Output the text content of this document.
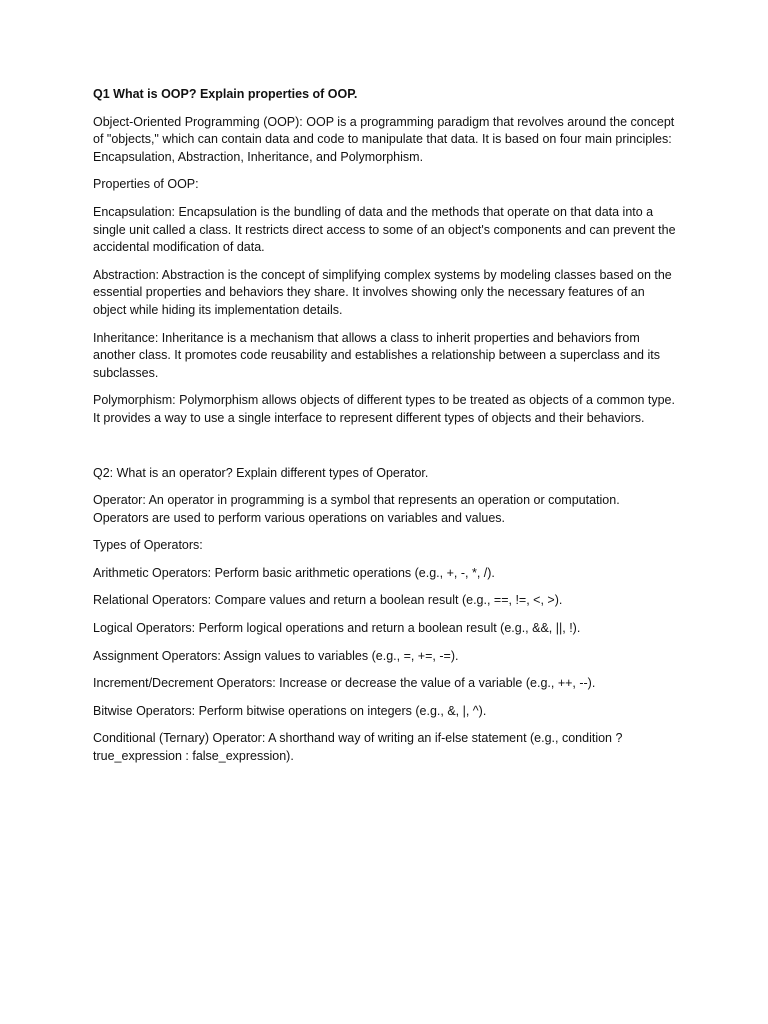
Q1 What is OOP? Explain properties of OOP.

Object-Oriented Programming (OOP): OOP is a programming paradigm that revolves around the concept of "objects," which can contain data and code to manipulate that data. It is based on four main principles: Encapsulation, Abstraction, Inheritance, and Polymorphism.

Properties of OOP:

Encapsulation: Encapsulation is the bundling of data and the methods that operate on that data into a single unit called a class. It restricts direct access to some of an object's components and can prevent the accidental modification of data.

Abstraction: Abstraction is the concept of simplifying complex systems by modeling classes based on the essential properties and behaviors they share. It involves showing only the necessary features of an object while hiding its implementation details.

Inheritance: Inheritance is a mechanism that allows a class to inherit properties and behaviors from another class. It promotes code reusability and establishes a relationship between a superclass and its subclasses.

Polymorphism: Polymorphism allows objects of different types to be treated as objects of a common type. It provides a way to use a single interface to represent different types of objects and their behaviors.

Q2: What is an operator? Explain different types of Operator.

Operator: An operator in programming is a symbol that represents an operation or computation. Operators are used to perform various operations on variables and values.

Types of Operators:

Arithmetic Operators: Perform basic arithmetic operations (e.g., +, -, *, /).

Relational Operators: Compare values and return a boolean result (e.g., ==, !=, <, >).

Logical Operators: Perform logical operations and return a boolean result (e.g., &&, ||, !).

Assignment Operators: Assign values to variables (e.g., =, +=, -=).

Increment/Decrement Operators: Increase or decrease the value of a variable (e.g., ++, --).

Bitwise Operators: Perform bitwise operations on integers (e.g., &, |, ^).

Conditional (Ternary) Operator: A shorthand way of writing an if-else statement (e.g., condition ? true_expression : false_expression).
